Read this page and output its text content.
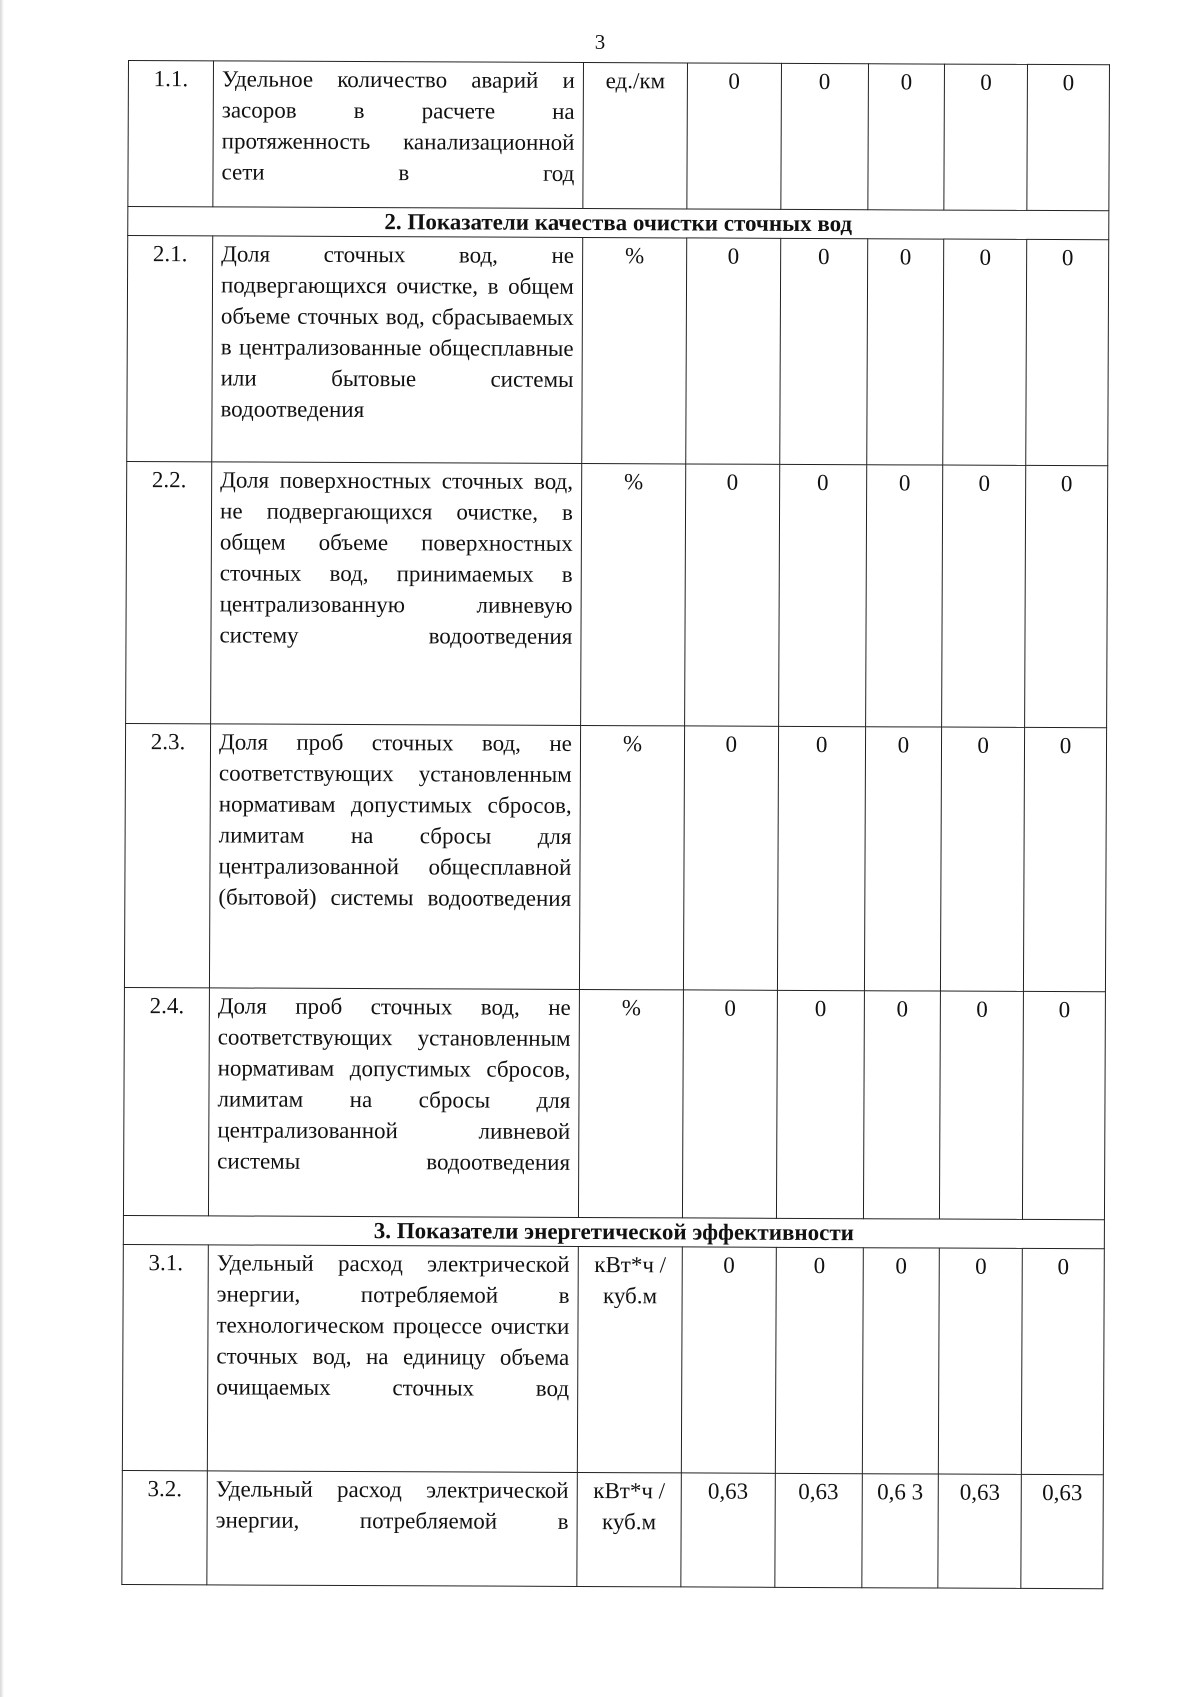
3
1.1.	Удельное количество аварий и засоров в расчете на протяженность канализационной сети в год	ед./км	0	0	0	0	0
2. Показатели качества очистки сточных вод							
2.1.	Доля сточных вод, не подвергающихся очистке, в общем объеме сточных вод, сбрасываемых в централизованные общесплавные или бытовые системы водоотведения	%	0	0	0	0	0
2.2.	Доля поверхностных сточных вод, не подвергающихся очистке, в общем объеме поверхностных сточных вод, принимаемых в централизованную ливневую систему водоотведения	%	0	0	0	0	0
2.3.	Доля проб сточных вод, не соответствующих установленным нормативам допустимых сбросов, лимитам на сбросы для централизованной общесплавной (бытовой) системы водоотведения	%	0	0	0	0	0
2.4.	Доля проб сточных вод, не соответствующих установленным нормативам допустимых сбросов, лимитам на сбросы для централизованной ливневой системы водоотведения	%	0	0	0	0	0
3. Показатели энергетической эффективности							
3.1.	Удельный расход электрической энергии, потребляемой в технологическом процессе очистки сточных вод, на единицу объема очищаемых сточных вод	кВт*ч /куб.м	0	0	0	0	0
3.2.	Удельный расход электрической энергии, потребляемой в	кВт*ч /куб.м	0,63	0,63	0,6 3	0,63	0,63
